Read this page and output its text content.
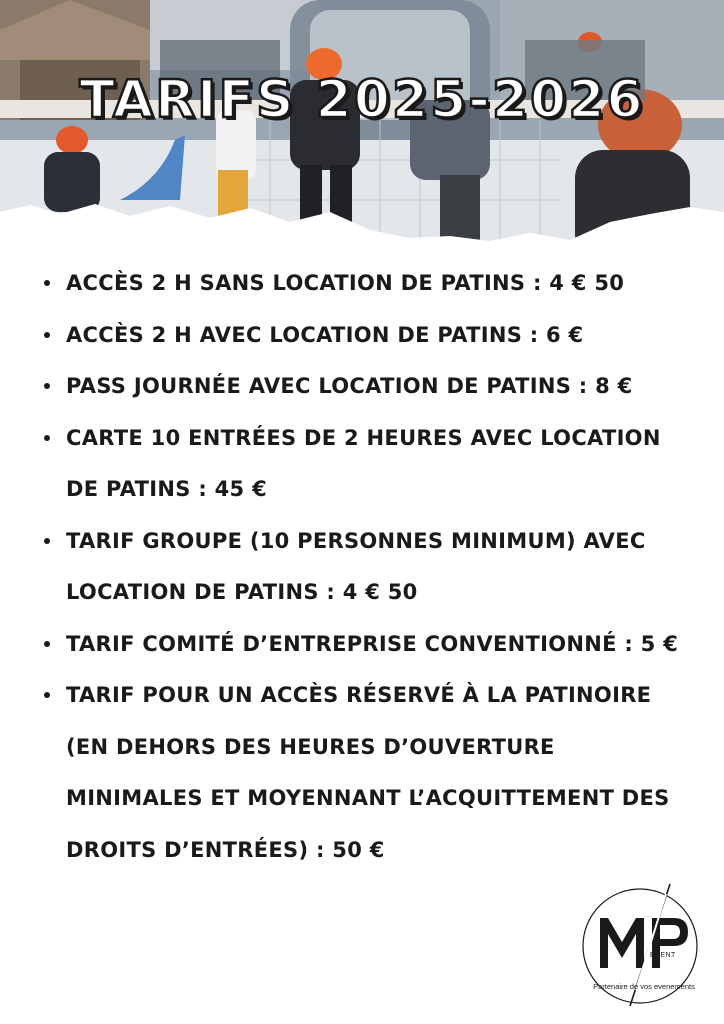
TARIFS 2025-2026
ACCÈS 2 H SANS LOCATION DE PATINS : 4 € 50
ACCÈS 2 H AVEC LOCATION DE PATINS : 6 €
PASS JOURNÉE AVEC LOCATION DE PATINS : 8 €
CARTE 10 ENTRÉES DE 2 HEURES AVEC LOCATION DE PATINS : 45 €
TARIF GROUPE (10 PERSONNES MINIMUM) AVEC LOCATION DE PATINS : 4 € 50
TARIF COMITÉ D’ENTREPRISE CONVENTIONNÉ : 5 €
TARIF POUR UN ACCÈS RÉSERVÉ À LA PATINOIRE (EN DEHORS DES HEURES D’OUVERTURE MINIMALES ET MOYENNANT L’ACQUITTEMENT DES DROITS D’ENTRÉES) : 50 €
EVENT
Partenaire de vos evenements
